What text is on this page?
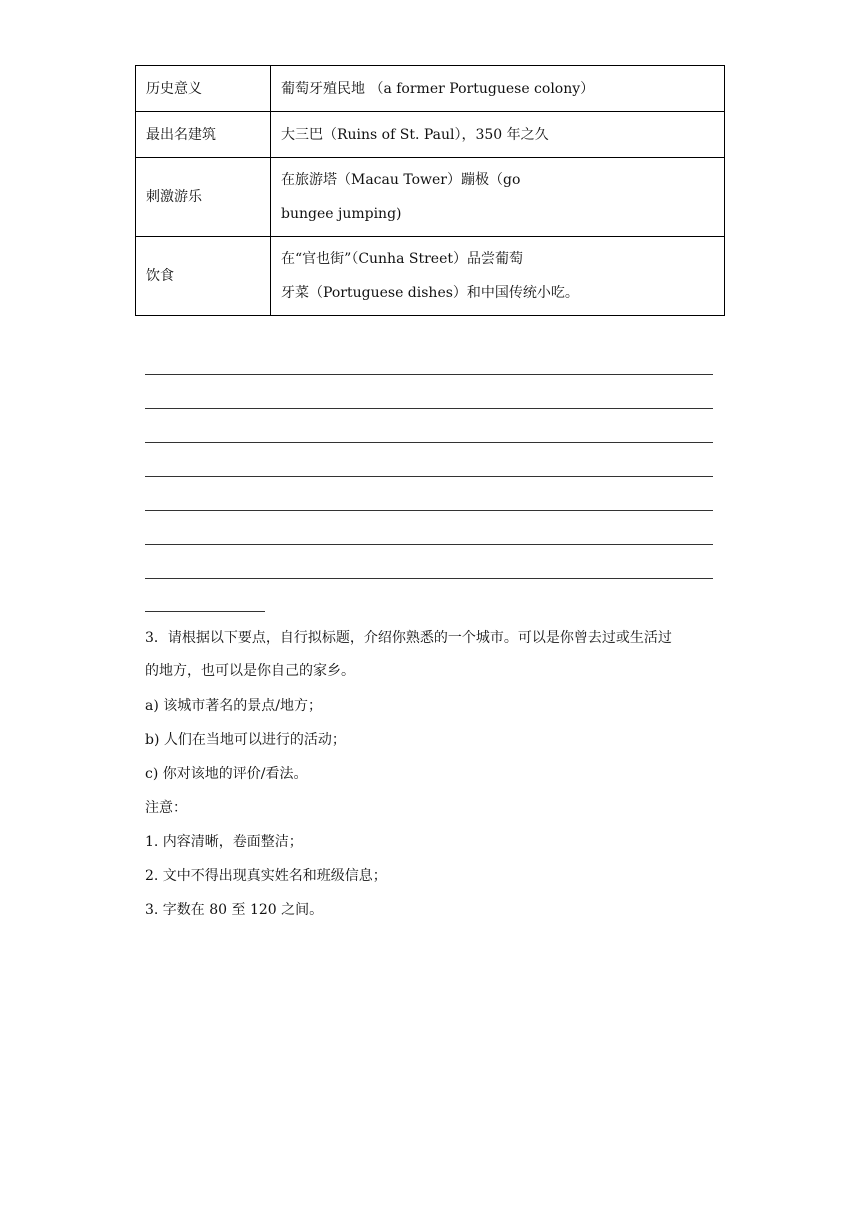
历史意义	葡萄牙殖民地 （a former Portuguese colony）

最出名建筑	大三巴（Ruins of St. Paul），350 年之久

刺激游乐	在旅游塔（Macau Tower）蹦极（go
bungee jumping)

饮食	在“官也街”（Cunha Street）品尝葡萄
牙菜（Portuguese dishes）和中国传统小吃。
3．请根据以下要点，自行拟标题，介绍你熟悉的一个城市。可以是你曾去过或生活过
的地方，也可以是你自己的家乡。
a) 该城市著名的景点/地方；
b) 人们在当地可以进行的活动；
c) 你对该地的评价/看法。
注意：
1. 内容清晰，卷面整洁；
2. 文中不得出现真实姓名和班级信息；
3. 字数在 80 至 120 之间。
